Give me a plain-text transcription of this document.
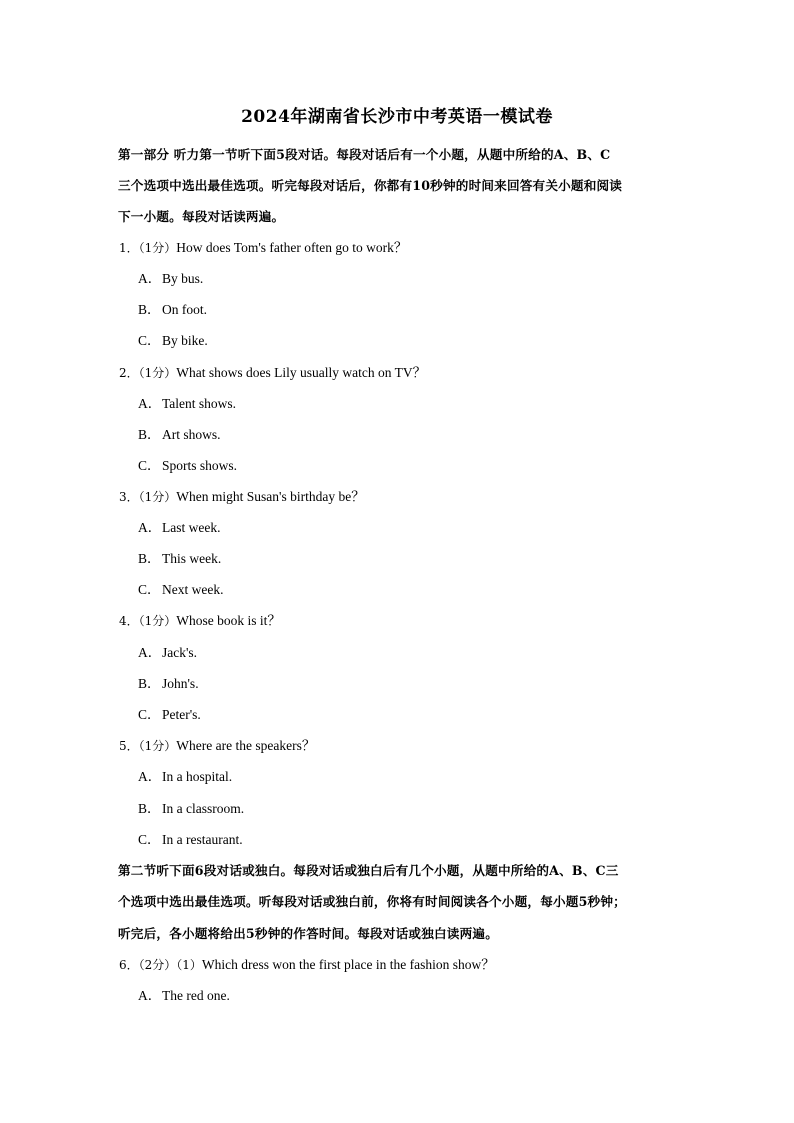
2024年湖南省长沙市中考英语一模试卷
第一部分 听力第一节听下面5段对话。每段对话后有一个小题，从题中所给的A、B、C
三个选项中选出最佳选项。听完每段对话后，你都有10秒钟的时间来回答有关小题和阅读
下一小题。每段对话读两遍。
1．（1分）How does Tom's father often go to work？
A．By bus.
B．On foot.
C．By bike.
2．（1分）What shows does Lily usually watch on TV？
A．Talent shows.
B．Art shows.
C．Sports shows.
3．（1分）When might Susan's birthday be？
A．Last week.
B．This week.
C．Next week.
4．（1分）Whose book is it？
A．Jack's.
B．John's.
C．Peter's.
5．（1分）Where are the speakers？
A．In a hospital.
B．In a classroom.
C．In a restaurant.
第二节听下面6段对话或独白。每段对话或独白后有几个小题，从题中所给的A、B、C三
个选项中选出最佳选项。听每段对话或独白前，你将有时间阅读各个小题，每小题5秒钟；
听完后，各小题将给出5秒钟的作答时间。每段对话或独白读两遍。
6．（2分）（1）Which dress won the first place in the fashion show？
A．The red one.
